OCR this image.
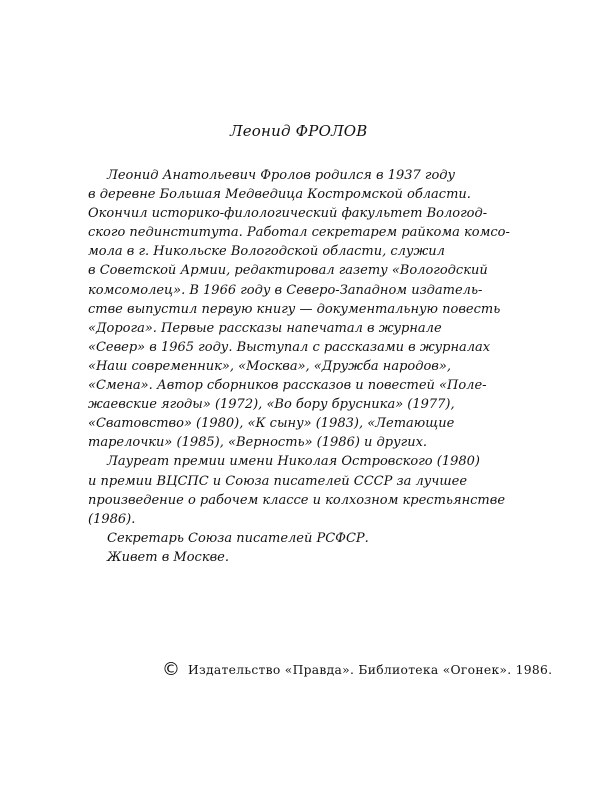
Леонид ФРОЛОВ
Леонид Анатольевич Фролов родился в 1937 году
в деревне Большая Медведица Костромской области.
Окончил историко-филологический факультет Вологод-
ского пединститута. Работал секретарем райкома комсо-
мола в г. Никольске Вологодской области, служил
в Советской Армии, редактировал газету «Вологодский
комсомолец». В 1966 году в Северо-Западном издатель-
стве выпустил первую книгу — документальную повесть
«Дорога». Первые рассказы напечатал в журнале
«Север» в 1965 году. Выступал с рассказами в журналах
«Наш современник», «Москва», «Дружба народов»,
«Смена». Автор сборников рассказов и повестей «Поле-
жаевские ягоды» (1972), «Во бору брусника» (1977),
«Сватовство» (1980), «К сыну» (1983), «Летающие
тарелочки» (1985), «Верность» (1986) и других.
Лауреат премии имени Николая Островского (1980)
и премии ВЦСПС и Союза писателей СССР за лучшее
произведение о рабочем классе и колхозном крестьянстве
(1986).
Секретарь Союза писателей РСФСР.
Живет в Москве.
© Издательство «Правда». Библиотека «Огонек». 1986.
